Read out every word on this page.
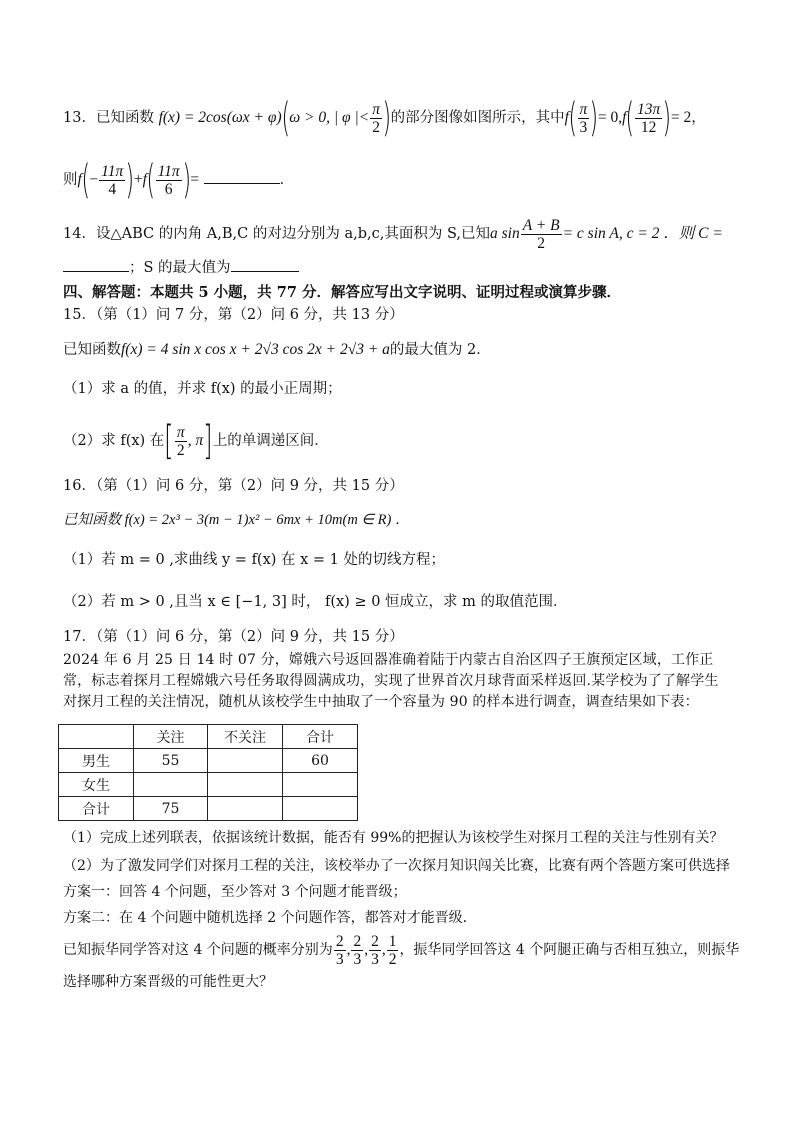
13．已知函数 f(x) = 2cos(ωx + φ)(ω > 0, | φ |< $\frac{\pi}{2}$ )的部分图像如图所示，其中$f( \frac{\pi}{3}$ )= $0,f( \frac{13\pi}{12}$ )= 2，
则$f(- \frac{11\pi}{4} )+f( \frac{11\pi}{6}$ )=	．
14．设△ABC 的内角 A,B,C 的对边分别为 a,b,c,其面积为 S,已知a $\sin \frac{A + B}{2} = c$ sin A, c = 2 ．则 C =
；S 的最大值为
四、解答题：本题共 5 小题，共 77 分．解答应写出文字说明、证明过程或演算步骤．
15．（第（1）问 7 分，第（2）问 6 分，共 13 分）
已知函数f(x) = 4 sin x cos x + 2√3 cos 2x + 2√3 + a的最大值为 2．
（1）求 a 的值，并求 f(x) 的最小正周期；
（2）求 f(x) 在[ $\frac{\pi}{2}$ , π]上的单调递区间．
16．（第（1）问 6 分，第（2）问 9 分，共 15 分）
已知函数 f(x) = 2x³ − 3(m − 1)x² − 6mx + 10m(m ∈ R) ．
（1）若 m = 0 ,求曲线 y = f(x) 在 x = 1 处的切线方程；
（2）若 m > 0 ,且当 x ∈ [−1, 3] 时， f(x) ≥ 0 恒成立，求 m 的取值范围．
17．（第（1）问 6 分，第（2）问 9 分，共 15 分）
2024 年 6 月 25 日 14 时 07 分，嫦娥六号返回器准确着陆于内蒙古自治区四子王旗预定区域，工作正常，标志着探月工程嫦娥六号任务取得圆满成功，实现了世界首次月球背面采样返回.某学校为了了解学生对探月工程的关注情况，随机从该校学生中抽取了一个容量为 90 的样本进行调查，调查结果如下表：
	关注	不关注	合计
男生	55		60
女生			
合计	75		
（1）完成上述列联表，依据该统计数据，能否有 99%的把握认为该校学生对探月工程的关注与性别有关？
（2）为了激发同学们对探月工程的关注，该校举办了一次探月知识闯关比赛，比赛有两个答题方案可供选择
方案一：回答 4 个问题，至少答对 3 个问题才能晋级；
方案二：在 4 个问题中随机选择 2 个问题作答，都答对才能晋级．
已知振华同学答对这 4 个问题的概率分别为 $\frac{2}{3}$ , $\frac{2}{3}$ , $\frac{2}{3}$ , $\frac{1}{2}$ ，振华同学回答这 4 个阿腿正确与否相互独立，则振华
选择哪种方案晋级的可能性更大？
